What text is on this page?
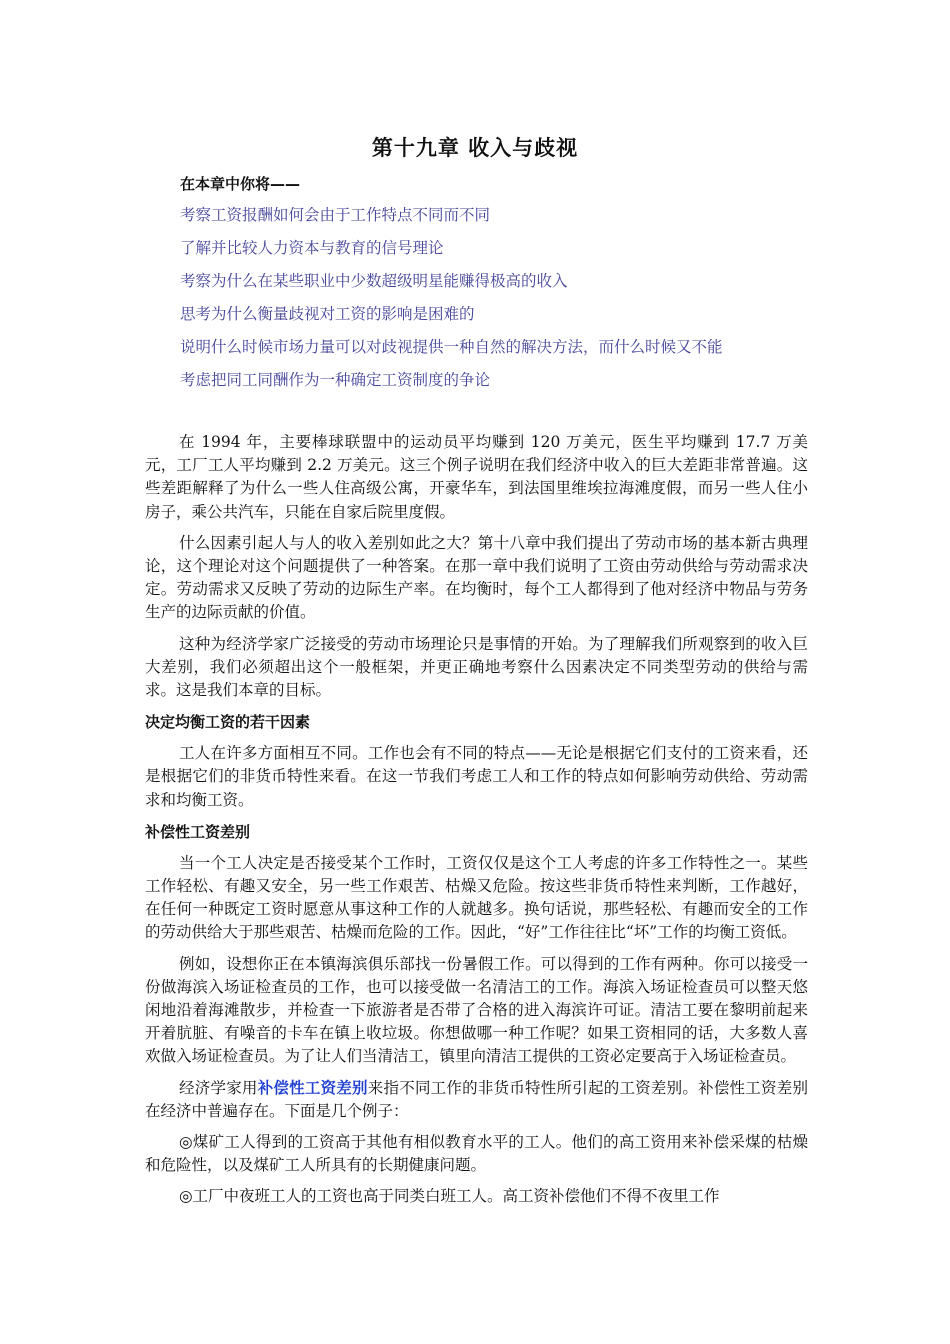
第十九章 收入与歧视
在本章中你将——
考察工资报酬如何会由于工作特点不同而不同
了解并比较人力资本与教育的信号理论
考察为什么在某些职业中少数超级明星能赚得极高的收入
思考为什么衡量歧视对工资的影响是困难的
说明什么时候市场力量可以对歧视提供一种自然的解决方法，而什么时候又不能
考虑把同工同酬作为一种确定工资制度的争论

在 1994 年，主要棒球联盟中的运动员平均赚到 120 万美元，医生平均赚到 17.7 万美元，工厂工人平均赚到 2.2 万美元。这三个例子说明在我们经济中收入的巨大差距非常普遍。这些差距解释了为什么一些人住高级公寓，开豪华车，到法国里维埃拉海滩度假，而另一些人住小房子，乘公共汽车，只能在自家后院里度假。

什么因素引起人与人的收入差别如此之大？第十八章中我们提出了劳动市场的基本新古典理论，这个理论对这个问题提供了一种答案。在那一章中我们说明了工资由劳动供给与劳动需求决定。劳动需求又反映了劳动的边际生产率。在均衡时，每个工人都得到了他对经济中物品与劳务生产的边际贡献的价值。

这种为经济学家广泛接受的劳动市场理论只是事情的开始。为了理解我们所观察到的收入巨大差别，我们必须超出这个一般框架，并更正确地考察什么因素决定不同类型劳动的供给与需求。这是我们本章的目标。

决定均衡工资的若干因素

工人在许多方面相互不同。工作也会有不同的特点——无论是根据它们支付的工资来看，还是根据它们的非货币特性来看。在这一节我们考虑工人和工作的特点如何影响劳动供给、劳动需求和均衡工资。

补偿性工资差别

当一个工人决定是否接受某个工作时，工资仅仅是这个工人考虑的许多工作特性之一。某些工作轻松、有趣又安全，另一些工作艰苦、枯燥又危险。按这些非货币特性来判断，工作越好，在任何一种既定工资时愿意从事这种工作的人就越多。换句话说，那些轻松、有趣而安全的工作的劳动供给大于那些艰苦、枯燥而危险的工作。因此，“好”工作往往比“坏”工作的均衡工资低。

例如，设想你正在本镇海滨俱乐部找一份暑假工作。可以得到的工作有两种。你可以接受一份做海滨入场证检查员的工作，也可以接受做一名清洁工的工作。海滨入场证检查员可以整天悠闲地沿着海滩散步，并检查一下旅游者是否带了合格的进入海滨许可证。清洁工要在黎明前起来开着肮脏、有噪音的卡车在镇上收垃圾。你想做哪一种工作呢？如果工资相同的话，大多数人喜欢做入场证检查员。为了让人们当清洁工，镇里向清洁工提供的工资必定要高于入场证检查员。

经济学家用补偿性工资差别来指不同工作的非货币特性所引起的工资差别。补偿性工资差别在经济中普遍存在。下面是几个例子：

◎煤矿工人得到的工资高于其他有相似教育水平的工人。他们的高工资用来补偿采煤的枯燥和危险性，以及煤矿工人所具有的长期健康问题。

◎工厂中夜班工人的工资也高于同类白班工人。高工资补偿他们不得不夜里工作
